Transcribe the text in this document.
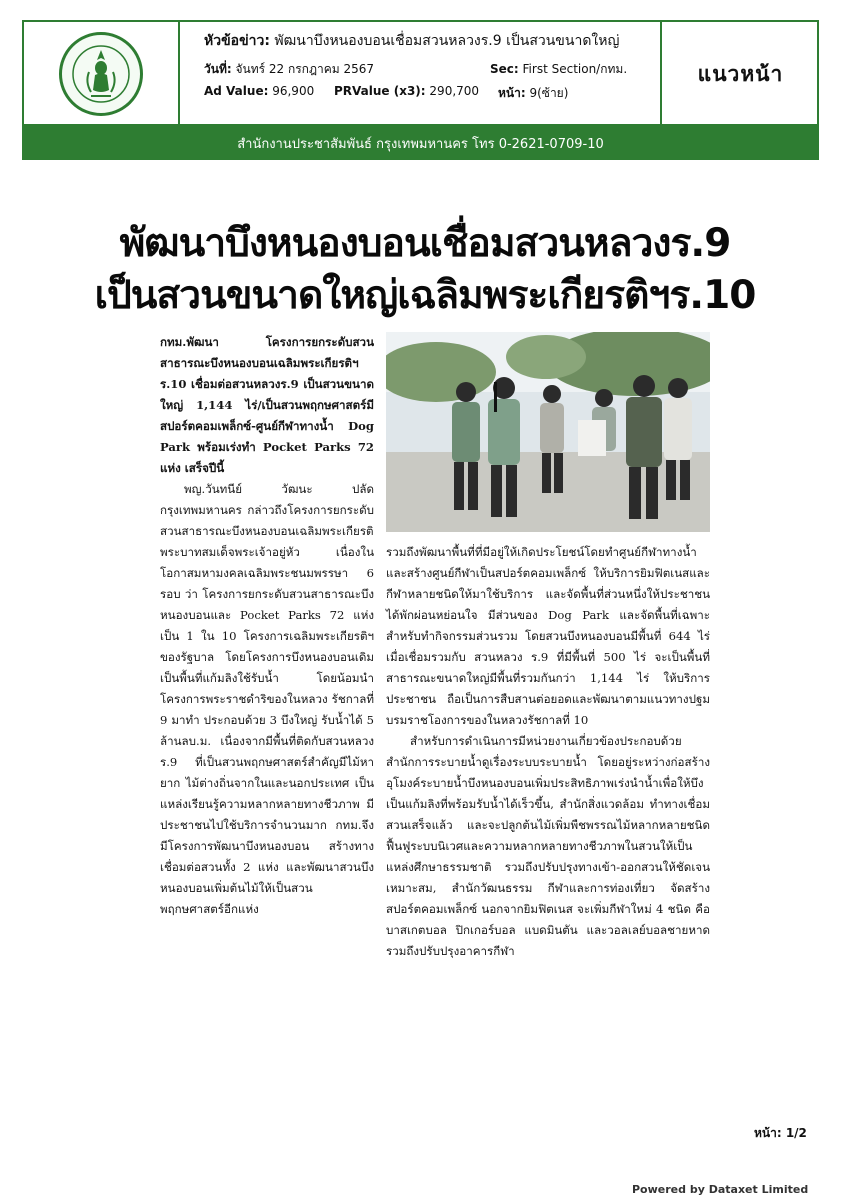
หัวข้อข่าว: พัฒนาบึงหนองบอนเชื่อมสวนหลวงร.9 เป็นสวนขนาดใหญ่
วันที่: จันทร์ 22 กรกฎาคม 2567	Sec: First Section/กทม.
Ad Value: 96,900 PRValue (x3): 290,700 หน้า: 9(ซ้าย)
แนวหน้า
สำนักงานประชาสัมพันธ์ กรุงเทพมหานคร โทร 0-2621-0709-10
พัฒนาบึงหนองบอนเชื่อมสวนหลวงร.9
เป็นสวนขนาดใหญ่เฉลิมพระเกียรติฯร.10

กทม.พัฒนา โครงการยกระดับสวนสาธารณะบึงหนองบอนเฉลิมพระเกียรติฯ ร.10 เชื่อมต่อสวนหลวงร.9 เป็นสวนขนาดใหญ่ 1,144 ไร่/เป็นสวนพฤกษศาสตร์มีสปอร์ตคอมเพล็กซ์-ศูนย์กีฬาทางน้ำ Dog Park พร้อมเร่งทำ Pocket Parks 72 แห่ง เสร็จปีนี้

พญ.วันทนีย์ วัฒนะ ปลัดกรุงเทพมหานคร กล่าวถึงโครงการยกระดับสวนสาธารณะบึงหนองบอนเฉลิมพระเกียรติพระบาทสมเด็จพระเจ้าอยู่หัว เนื่องในโอกาสมหามงคลเฉลิมพระชนมพรรษา 6 รอบ ว่า โครงการยกระดับสวนสาธารณะบึงหนองบอนและ Pocket Parks 72 แห่ง เป็น 1 ใน 10 โครงการเฉลิมพระเกียรติฯ ของรัฐบาล โดยโครงการบึงหนองบอนเดิมเป็นพื้นที่แก้มลิงใช้รับน้ำ โดยน้อมนำโครงการพระราชดำริของในหลวง รัชกาลที่ 9 มาทำ ประกอบด้วย 3 บึงใหญ่ รับน้ำได้ 5 ล้านลบ.ม. เนื่องจากมีพื้นที่ติดกับสวนหลวง ร.9 ที่เป็นสวนพฤกษศาสตร์สำคัญมีไม้หายาก ไม้ต่างถิ่นจากในและนอกประเทศ เป็นแหล่งเรียนรู้ความหลากหลายทางชีวภาพ มีประชาชนไปใช้บริการจำนวนมาก กทม.จึงมีโครงการพัฒนาบึงหนองบอน สร้างทางเชื่อมต่อสวนทั้ง 2 แห่ง และพัฒนาสวนบึงหนองบอนเพิ่มต้นไม้ให้เป็นสวนพฤกษศาสตร์อีกแห่ง

รวมถึงพัฒนาพื้นที่ที่มีอยู่ให้เกิดประโยชน์โดยทำศูนย์กีฬาทางน้ำ และสร้างศูนย์กีฬาเป็นสปอร์ตคอมเพล็กซ์ ให้บริการยิมฟิตเนสและกีฬาหลายชนิดให้มาใช้บริการ และจัดพื้นที่ส่วนหนึ่งให้ประชาชนได้พักผ่อนหย่อนใจ มีส่วนของ Dog Park และจัดพื้นที่เฉพาะสำหรับทำกิจกรรมส่วนรวม โดยสวนบึงหนองบอนมีพื้นที่ 644 ไร่ เมื่อเชื่อมรวมกับ สวนหลวง ร.9 ที่มีพื้นที่ 500 ไร่ จะเป็นพื้นที่สาธารณะขนาดใหญ่มีพื้นที่รวมกันกว่า 1,144 ไร่ ให้บริการประชาชน ถือเป็นการสืบสานต่อยอดและพัฒนาตามแนวทางปฐมบรมราชโองการของในหลวงรัชกาลที่ 10

สำหรับการดำเนินการมีหน่วยงานเกี่ยวข้องประกอบด้วย สำนักการระบายน้ำดูเรื่องระบบระบายน้ำ โดยอยู่ระหว่างก่อสร้างอุโมงค์ระบายน้ำบึงหนองบอนเพิ่มประสิทธิภาพเร่งนำน้ำเพื่อให้บึงเป็นแก้มลิงที่พร้อมรับน้ำได้เร็วขึ้น, สำนักสิ่งแวดล้อม ทำทางเชื่อมสวนเสร็จแล้ว และจะปลูกต้นไม้เพิ่มพืชพรรณไม้หลากหลายชนิด ฟื้นฟูระบบนิเวศและความหลากหลายทางชีวภาพในสวนให้เป็นแหล่งศึกษาธรรมชาติ รวมถึงปรับปรุงทางเข้า-ออกสวนให้ชัดเจนเหมาะสม, สำนักวัฒนธรรม กีฬาและการท่องเที่ยว จัดสร้างสปอร์ตคอมเพล็กซ์ นอกจากยิมฟิตเนส จะเพิ่มกีฬาใหม่ 4 ชนิด คือ บาสเกตบอล ปิกเกอร์บอล แบดมินตัน และวอลเลย์บอลชายหาด รวมถึงปรับปรุงอาคารกีฬา

หน้า: 1/2
Powered by Dataxet Limited
